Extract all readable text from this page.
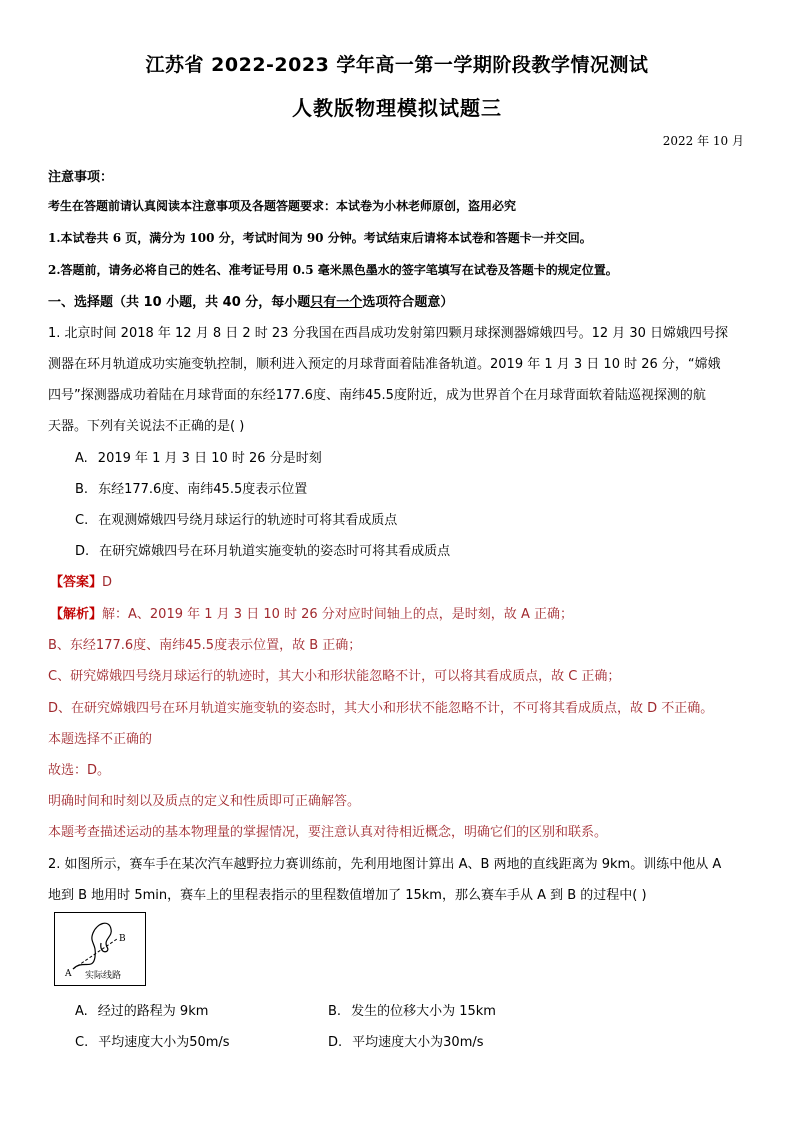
江苏省 2022-2023 学年高一第一学期阶段教学情况测试
人教版物理模拟试题三
2022 年 10 月
注意事项：
考生在答题前请认真阅读本注意事项及各题答题要求：本试卷为小林老师原创，盗用必究
1.本试卷共 6 页，满分为 100 分，考试时间为 90 分钟。考试结束后请将本试卷和答题卡一并交回。
2.答题前，请务必将自己的姓名、准考证号用 0.5 毫米黑色墨水的签字笔填写在试卷及答题卡的规定位置。
一、选择题（共 10 小题，共 40 分，每小题只有一个选项符合题意）
1. 北京时间 2018 年 12 月 8 日 2 时 23 分我国在西昌成功发射第四颗月球探测器嫦娥四号。12 月 30 日嫦娥四号探
测器在环月轨道成功实施变轨控制，顺利进入预定的月球背面着陆准备轨道。2019 年 1 月 3 日 10 时 26 分，“嫦娥
四号”探测器成功着陆在月球背面的东经177.6度、南纬45.5度附近，成为世界首个在月球背面软着陆巡视探测的航
天器。下列有关说法不正确的是( )
A. 2019 年 1 月 3 日 10 时 26 分是时刻
B. 东经177.6度、南纬45.5度表示位置
C. 在观测嫦娥四号绕月球运行的轨迹时可将其看成质点
D. 在研究嫦娥四号在环月轨道实施变轨的姿态时可将其看成质点
【答案】D
【解析】解：A、2019 年 1 月 3 日 10 时 26 分对应时间轴上的点，是时刻，故 A 正确；
B、东经177.6度、南纬45.5度表示位置，故 B 正确；
C、研究嫦娥四号绕月球运行的轨迹时，其大小和形状能忽略不计，可以将其看成质点，故 C 正确；
D、在研究嫦娥四号在环月轨道实施变轨的姿态时，其大小和形状不能忽略不计，不可将其看成质点，故 D 不正确。
本题选择不正确的
故选：D。
明确时间和时刻以及质点的定义和性质即可正确解答。
本题考查描述运动的基本物理量的掌握情况，要注意认真对待相近概念，明确它们的区别和联系。
2. 如图所示，赛车手在某次汽车越野拉力赛训练前，先利用地图计算出 A、B 两地的直线距离为 9km。训练中他从 A
地到 B 地用时 5min，赛车上的里程表指示的里程数值增加了 15km，那么赛车手从 A 到 B 的过程中( )
A
B
实际线路
A. 经过的路程为 9km	B. 发生的位移大小为 15km
C. 平均速度大小为50m/s	D. 平均速度大小为30m/s
